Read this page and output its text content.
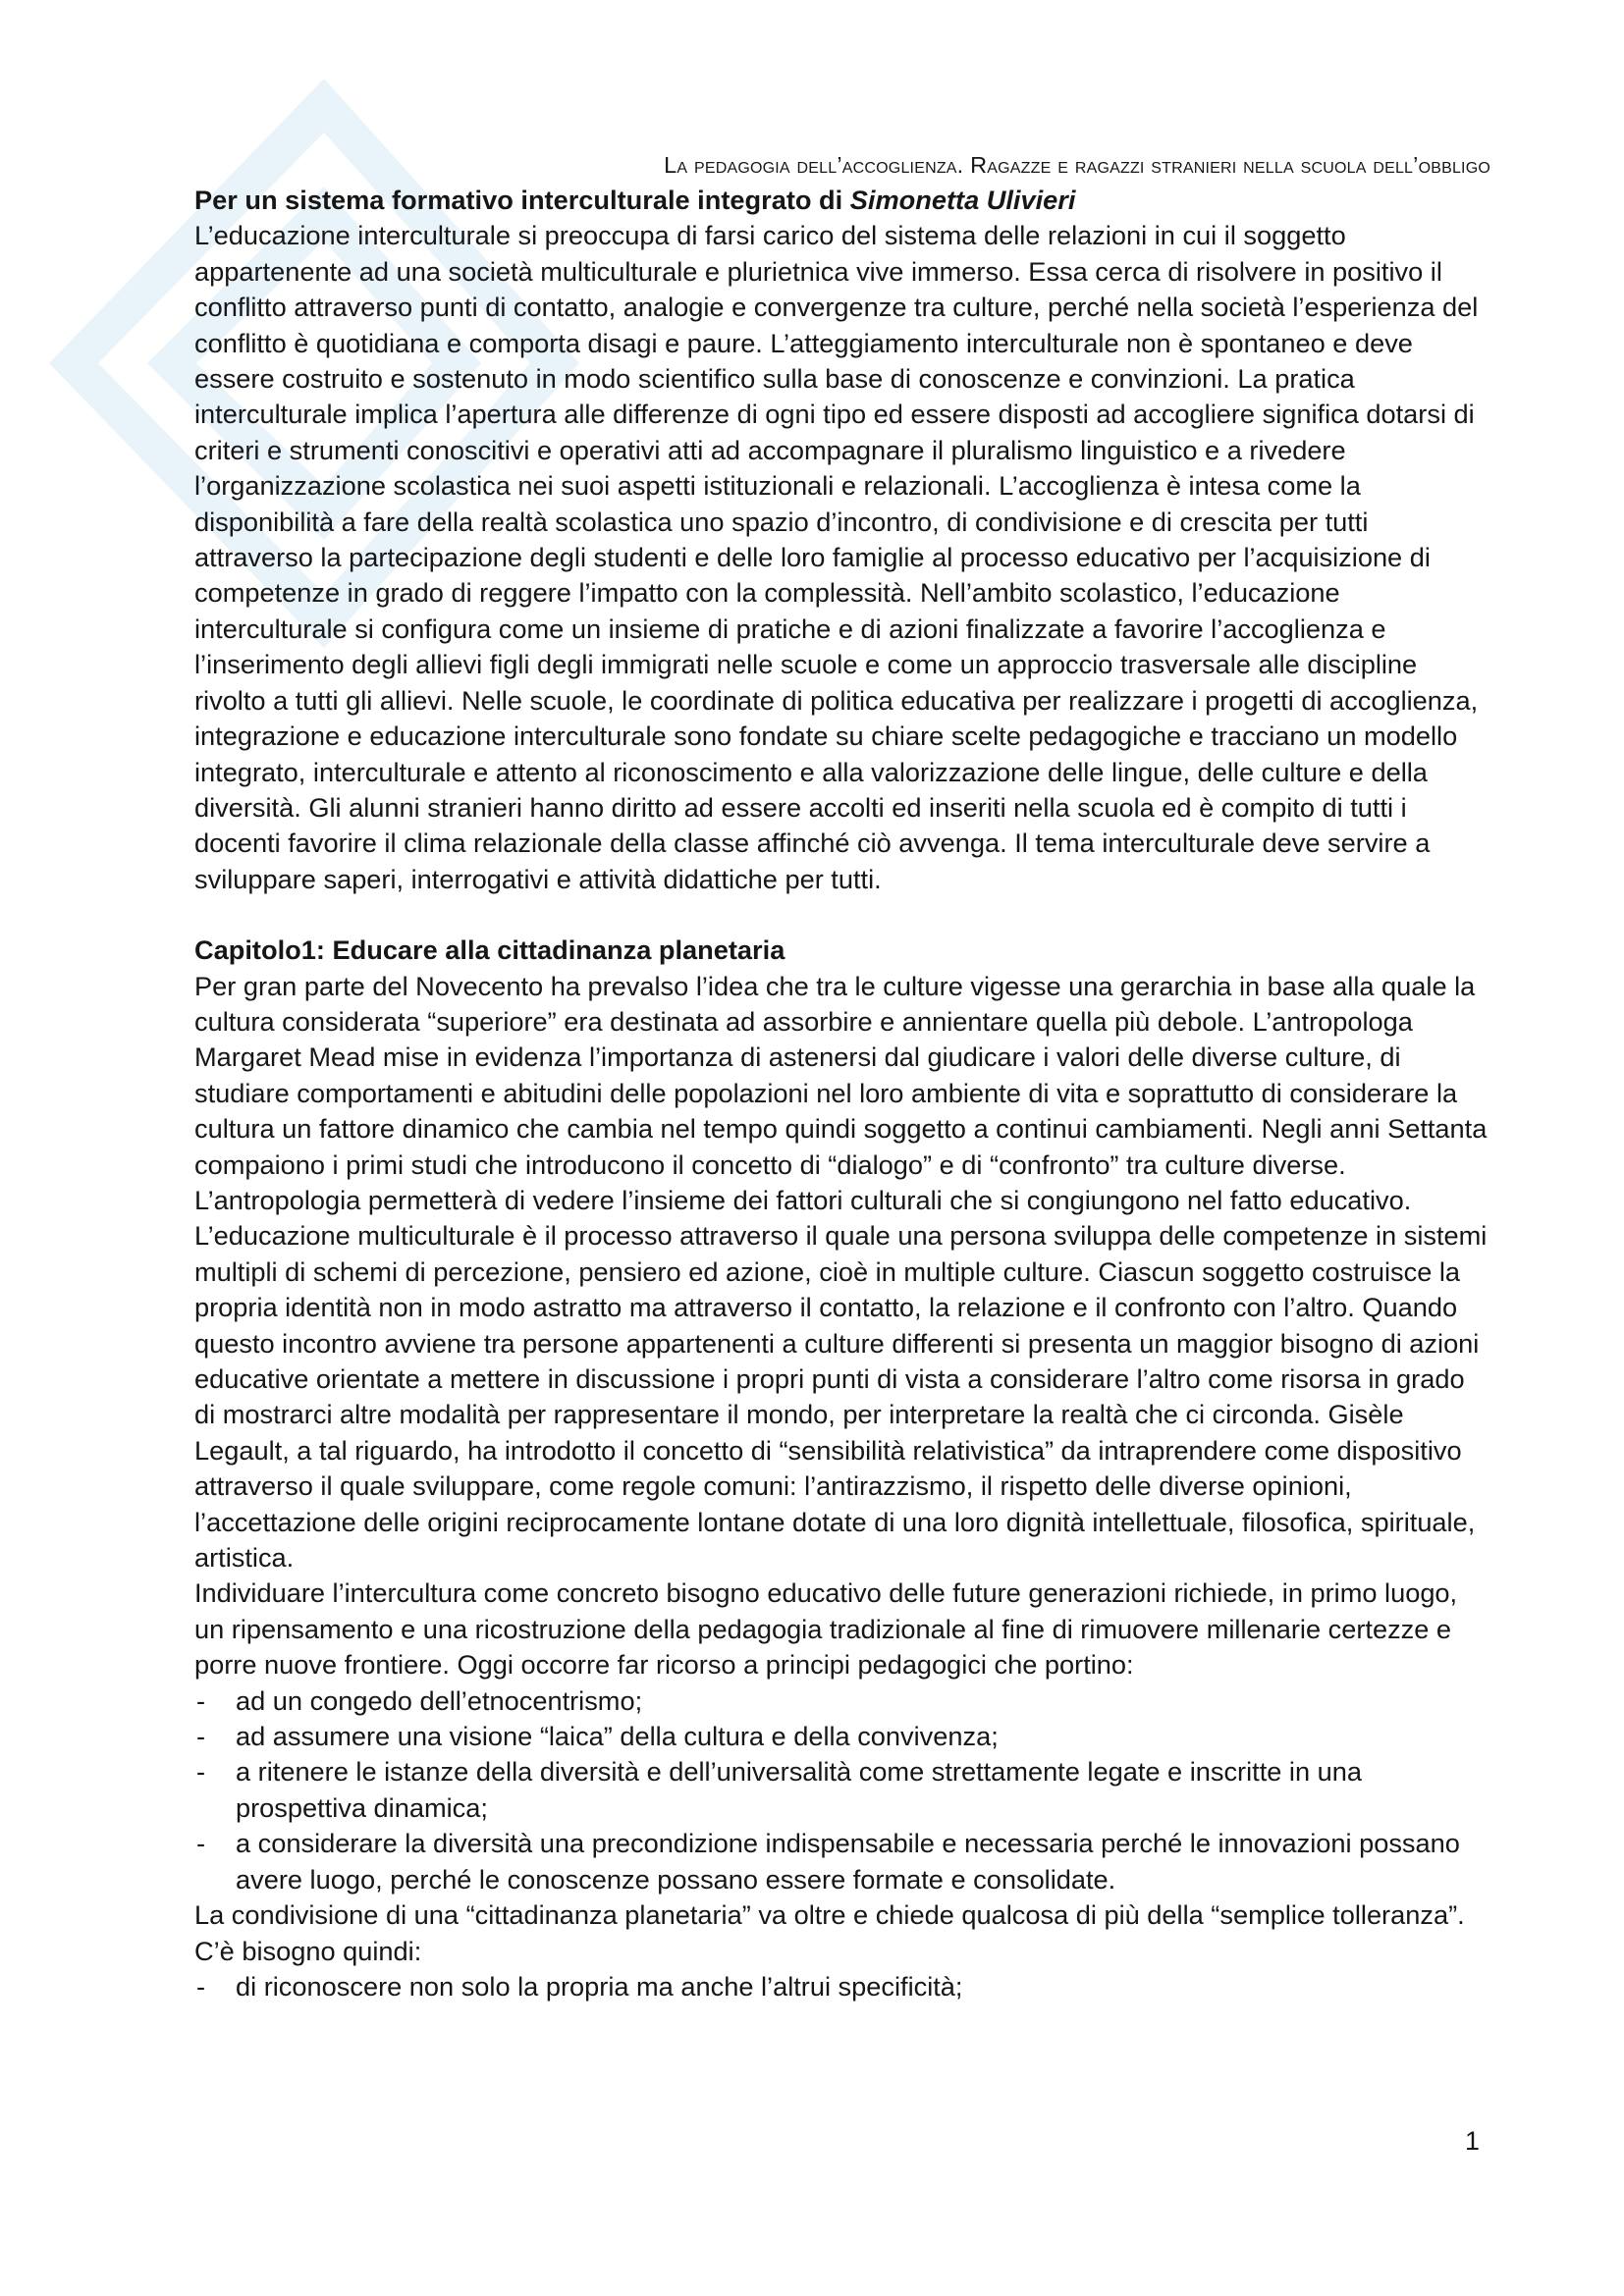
La pedagogia dell’accoglienza. Ragazze e ragazzi stranieri nella scuola dell’obbligo

Per un sistema formativo interculturale integrato di Simonetta Ulivieri

L’educazione interculturale si preoccupa di farsi carico del sistema delle relazioni in cui il soggetto appartenente ad una società multiculturale e plurietnica vive immerso. Essa cerca di risolvere in positivo il conflitto attraverso punti di contatto, analogie e convergenze tra culture, perché nella società l’esperienza del conflitto è quotidiana e comporta disagi e paure. L’atteggiamento interculturale non è spontaneo e deve essere costruito e sostenuto in modo scientifico sulla base di conoscenze e convinzioni. La pratica interculturale implica l’apertura alle differenze di ogni tipo ed essere disposti ad accogliere significa dotarsi di criteri e strumenti conoscitivi e operativi atti ad accompagnare il pluralismo linguistico e a rivedere l’organizzazione scolastica nei suoi aspetti istituzionali e relazionali. L’accoglienza è intesa come la disponibilità a fare della realtà scolastica uno spazio d’incontro, di condivisione e di crescita per tutti attraverso la partecipazione degli studenti e delle loro famiglie al processo educativo per l’acquisizione di competenze in grado di reggere l’impatto con la complessità. Nell’ambito scolastico, l’educazione interculturale si configura come un insieme di pratiche e di azioni finalizzate a favorire l’accoglienza e l’inserimento degli allievi figli degli immigrati nelle scuole e come un approccio trasversale alle discipline rivolto a tutti gli allievi. Nelle scuole, le coordinate di politica educativa per realizzare i progetti di accoglienza, integrazione e educazione interculturale sono fondate su chiare scelte pedagogiche e tracciano un modello integrato, interculturale e attento al riconoscimento e alla valorizzazione delle lingue, delle culture e della diversità. Gli alunni stranieri hanno diritto ad essere accolti ed inseriti nella scuola ed è compito di tutti i docenti favorire il clima relazionale della classe affinché ciò avvenga. Il tema interculturale deve servire a sviluppare saperi, interrogativi e attività didattiche per tutti.

Capitolo1: Educare alla cittadinanza planetaria

Per gran parte del Novecento ha prevalso l’idea che tra le culture vigesse una gerarchia in base alla quale la cultura considerata “superiore” era destinata ad assorbire e annientare quella più debole. L’antropologa Margaret Mead mise in evidenza l’importanza di astenersi dal giudicare i valori delle diverse culture, di studiare comportamenti e abitudini delle popolazioni nel loro ambiente di vita e soprattutto di considerare la cultura un fattore dinamico che cambia nel tempo quindi soggetto a continui cambiamenti. Negli anni Settanta compaiono i primi studi che introducono il concetto di “dialogo” e di “confronto” tra culture diverse. L’antropologia permetterà di vedere l’insieme dei fattori culturali che si congiungono nel fatto educativo. L’educazione multiculturale è il processo attraverso il quale una persona sviluppa delle competenze in sistemi multipli di schemi di percezione, pensiero ed azione, cioè in multiple culture. Ciascun soggetto costruisce la propria identità non in modo astratto ma attraverso il contatto, la relazione e il confronto con l’altro. Quando questo incontro avviene tra persone appartenenti a culture differenti si presenta un maggior bisogno di azioni educative orientate a mettere in discussione i propri punti di vista a considerare l’altro come risorsa in grado di mostrarci altre modalità per rappresentare il mondo, per interpretare la realtà che ci circonda. Gisèle Legault, a tal riguardo, ha introdotto il concetto di “sensibilità relativistica” da intraprendere come dispositivo attraverso il quale sviluppare, come regole comuni: l’antirazzismo, il rispetto delle diverse opinioni, l’accettazione delle origini reciprocamente lontane dotate di una loro dignità intellettuale, filosofica, spirituale, artistica.

Individuare l’intercultura come concreto bisogno educativo delle future generazioni richiede, in primo luogo, un ripensamento e una ricostruzione della pedagogia tradizionale al fine di rimuovere millenarie certezze e porre nuove frontiere. Oggi occorre far ricorso a principi pedagogici che portino:

- ad un congedo dell’etnocentrismo;
- ad assumere una visione “laica” della cultura e della convivenza;
- a ritenere le istanze della diversità e dell’universalità come strettamente legate e inscritte in una prospettiva dinamica;
- a considerare la diversità una precondizione indispensabile e necessaria perché le innovazioni possano avere luogo, perché le conoscenze possano essere formate e consolidate.

La condivisione di una “cittadinanza planetaria” va oltre e chiede qualcosa di più della “semplice tolleranza”. C’è bisogno quindi:

- di riconoscere non solo la propria ma anche l’altrui specificità;
1
